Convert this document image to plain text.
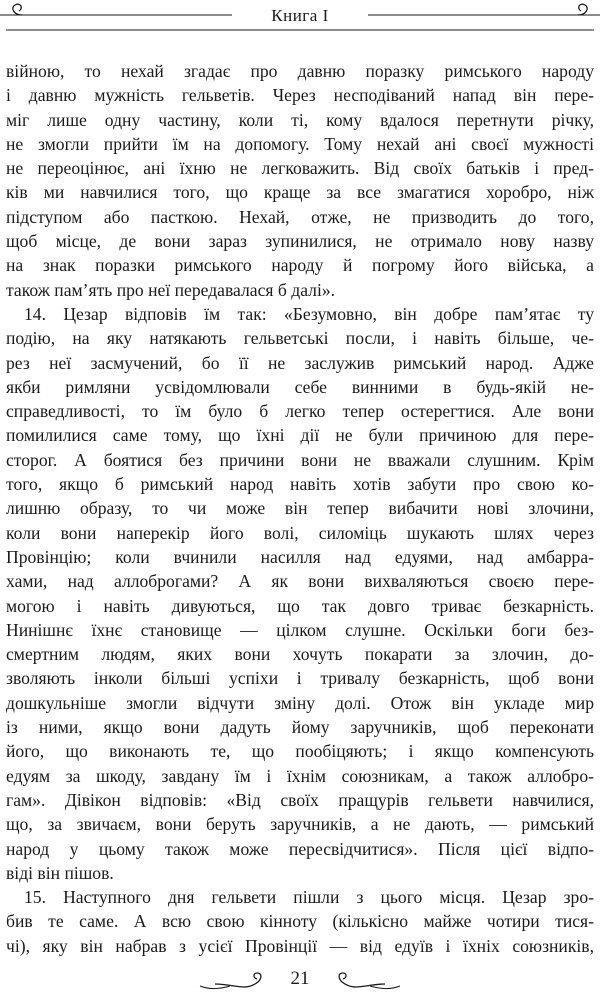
Книга I
війною, то нехай згадає про давню поразку римського народу
і давню мужність гельветів. Через несподіваний напад він пере-
міг лише одну частину, коли ті, кому вдалося перетнути річку,
не змогли прийти їм на допомогу. Тому нехай ані своєї мужності
не переоцінює, ані їхню не легковажить. Від своїх батьків і пред-
ків ми навчилися того, що краще за все змагатися хоробро, ніж
підступом або пасткою. Нехай, отже, не призводить до того,
щоб місце, де вони зараз зупинилися, не отримало нову назву
на знак поразки римського народу й погрому його війська, а
також пам’ять про неї передавалася б далі».
14. Цезар відповів їм так: «Безумовно, він добре пам’ятає ту
подію, на яку натякають гельветські посли, і навіть більше, че-
рез неї засмучений, бо її не заслужив римський народ. Адже
якби римляни усвідомлювали себе винними в будь-якій не-
справедливості, то їм було б легко тепер остерегтися. Але вони
помилилися саме тому, що їхні дії не були причиною для пере-
сторог. А боятися без причини вони не вважали слушним. Крім
того, якщо б римський народ навіть хотів забути про свою ко-
лишню образу, то чи може він тепер вибачити нові злочини,
коли вони наперекір його волі, силоміць шукають шлях через
Провінцію; коли вчинили насилля над едуями, над амбарра-
хами, над аллоброгами? А як вони вихваляються своєю пере-
могою і навіть дивуються, що так довго триває безкарність.
Нинішнє їхнє становище — цілком слушне. Оскільки боги без-
смертним людям, яких вони хочуть покарати за злочин, до-
зволяють інколи більші успіхи і тривалу безкарність, щоб вони
дошкульніше змогли відчути зміну долі. Отож він укладе мир
із ними, якщо вони дадуть йому заручників, щоб переконати
його, що виконають те, що пообіцяють; і якщо компенсують
едуям за шкоду, завдану їм і їхнім союзникам, а також аллобро-
гам». Дівікон відповів: «Від своїх пращурів гельвети навчилися,
що, за звичаєм, вони беруть заручників, а не дають, — римський
народ у цьому також може пересвідчитися». Після цієї відпо-
віді він пішов.
15. Наступного дня гельвети пішли з цього місця. Цезар зро-
бив те саме. А всю свою кінноту (кількісно майже чотири тися-
чі), яку він набрав з усієї Провінції — від едуїв і їхніх союзників,
21
